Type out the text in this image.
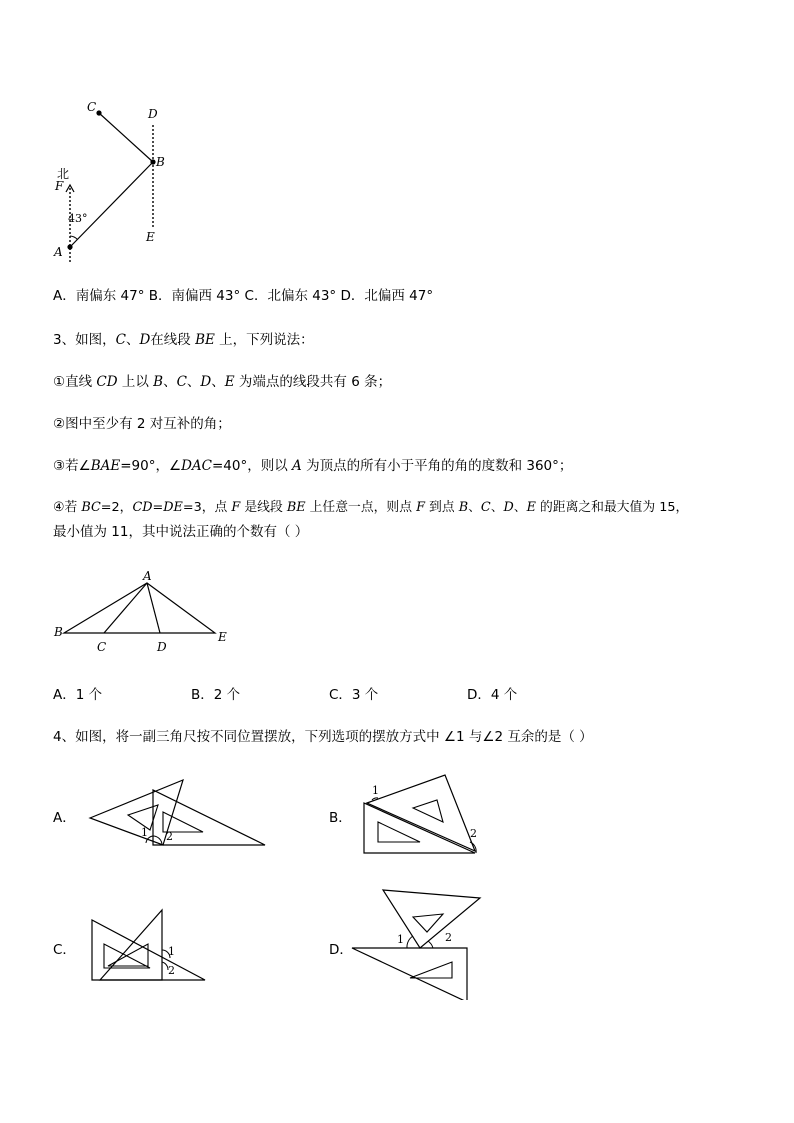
C	D
B
北
F
43°
E
A
A．南偏东 47° B．南偏西 43° C．北偏东 43° D．北偏西 47°
3、如图，C、D在线段 BE 上，下列说法：
①直线 CD 上以 B、C、D、E 为端点的线段共有 6 条；
②图中至少有 2 对互补的角；
③若∠BAE=90°，∠DAC=40°，则以 A 为顶点的所有小于平角的角的度数和 360°；
④若 BC=2，CD=DE=3，点 F 是线段 BE 上任意一点，则点 F 到点 B、C、D、E 的距离之和最大值为 15，
最小值为 11，其中说法正确的个数有（ ）
A
B
C	D
E
A．1 个	B．2 个	C．3 个	D．4 个
4、如图，将一副三角尺按不同位置摆放，下列选项的摆放方式中 ∠1 与∠2 互余的是（ ）
A．
1 2
B．
1
2
C．	1
2
D．
1	2
